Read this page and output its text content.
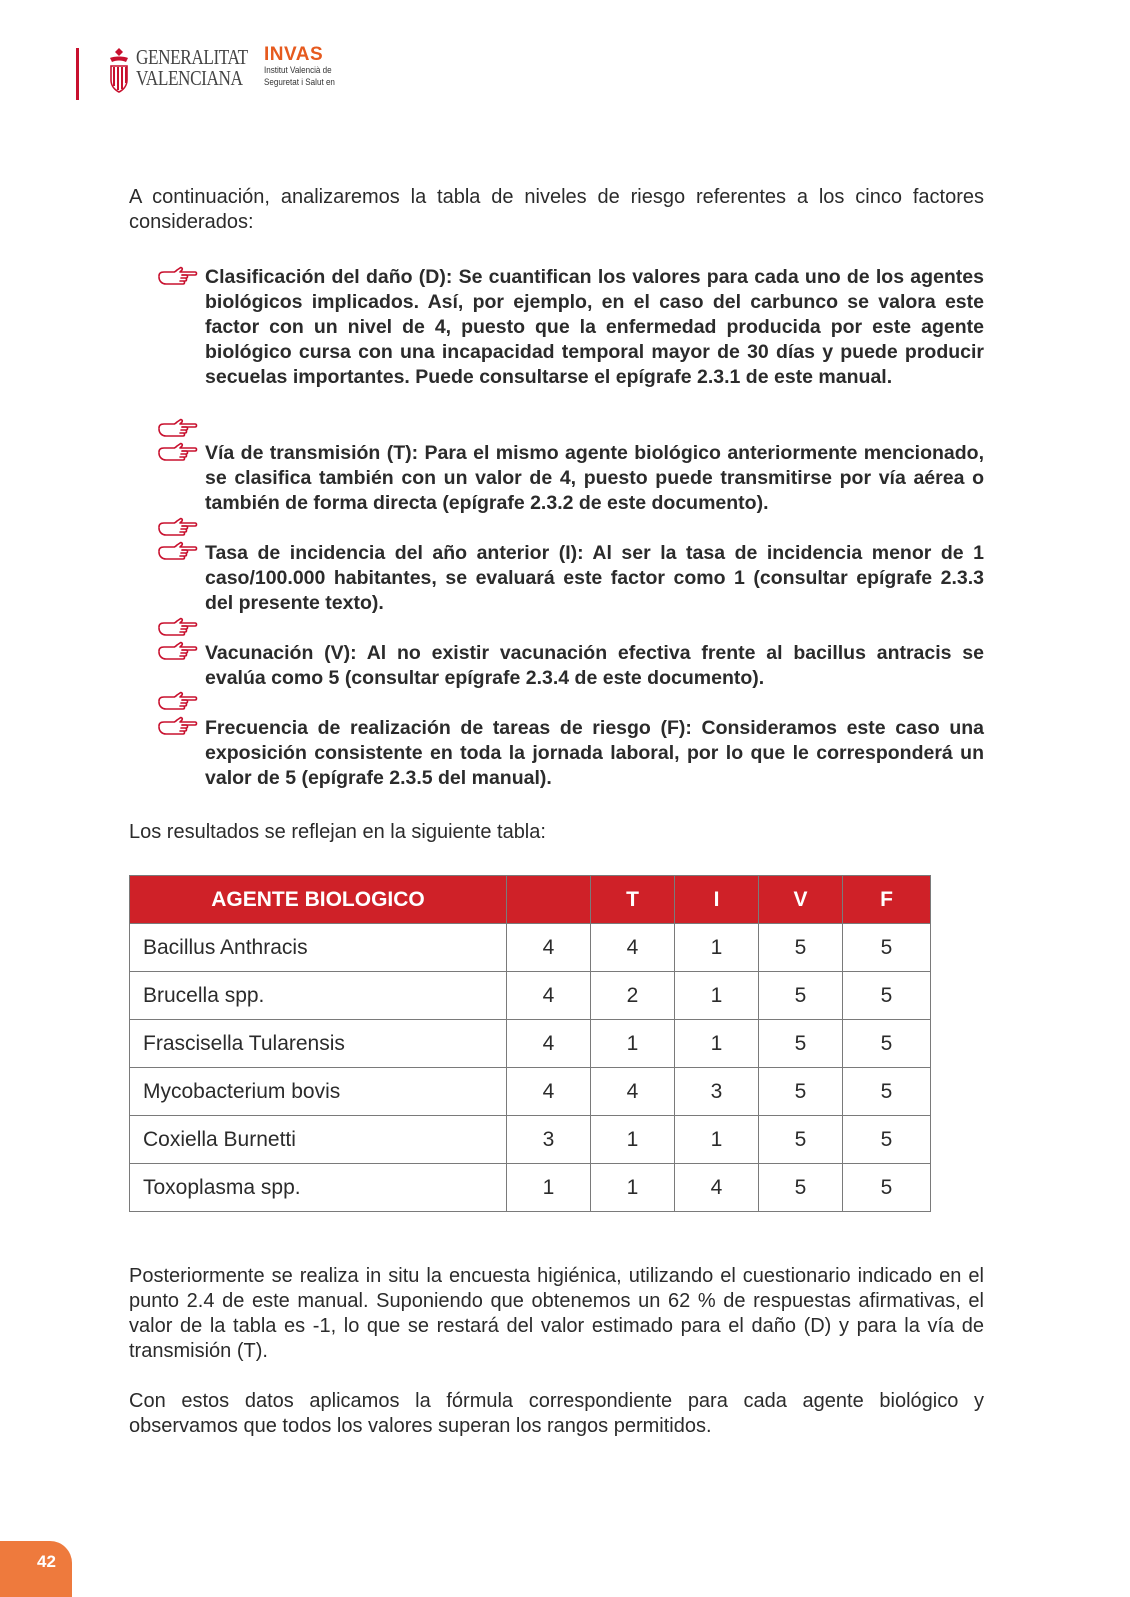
GENERALITAT
VALENCIANA
INVAS
Institut Valencià de
Seguretat i Salut en
A continuación, analizaremos la tabla de niveles de riesgo referentes a los cinco factores considerados:
Clasificación del daño (D): Se cuantifican los valores para cada uno de los agentes biológicos implicados. Así, por ejemplo, en el caso del carbunco se valora este factor con un nivel de 4, puesto que la enfermedad producida por este agente biológico cursa con una incapacidad temporal mayor de 30 días y puede producir secuelas importantes. Puede consultarse el epígrafe 2.3.1 de este manual.
Vía de transmisión (T): Para el mismo agente biológico anteriormente mencionado, se clasifica también con un valor de 4, puesto puede transmitirse por vía aérea o también de forma directa (epígrafe 2.3.2 de este documento).
Tasa de incidencia del año anterior (I): Al ser la tasa de incidencia menor de 1 caso/100.000 habitantes, se evaluará este factor como 1 (consultar epígrafe 2.3.3 del presente texto).
Vacunación (V): Al no existir vacunación efectiva frente al bacillus antracis se evalúa como 5 (consultar epígrafe 2.3.4 de este documento).
Frecuencia de realización de tareas de riesgo (F): Consideramos este caso una exposición consistente en toda la jornada laboral, por lo que le corresponderá un valor de 5 (epígrafe 2.3.5 del manual).
Los resultados se reflejan en la siguiente tabla:
AGENTE BIOLOGICO		T	I	V	F
Bacillus Anthracis	4	4	1	5	5
Brucella spp.	4	2	1	5	5
Frascisella Tularensis	4	1	1	5	5
Mycobacterium bovis	4	4	3	5	5
Coxiella Burnetti	3	1	1	5	5
Toxoplasma spp.	1	1	4	5	5
Posteriormente se realiza in situ la encuesta higiénica, utilizando el cuestionario indicado en el punto 2.4 de este manual. Suponiendo que obtenemos un 62 % de respuestas afirmativas, el valor de la tabla es -1, lo que se restará del valor estimado para el daño (D) y para la vía de transmisión (T).
Con estos datos aplicamos la fórmula correspondiente para cada agente biológico y observamos que todos los valores superan los rangos permitidos.
42
